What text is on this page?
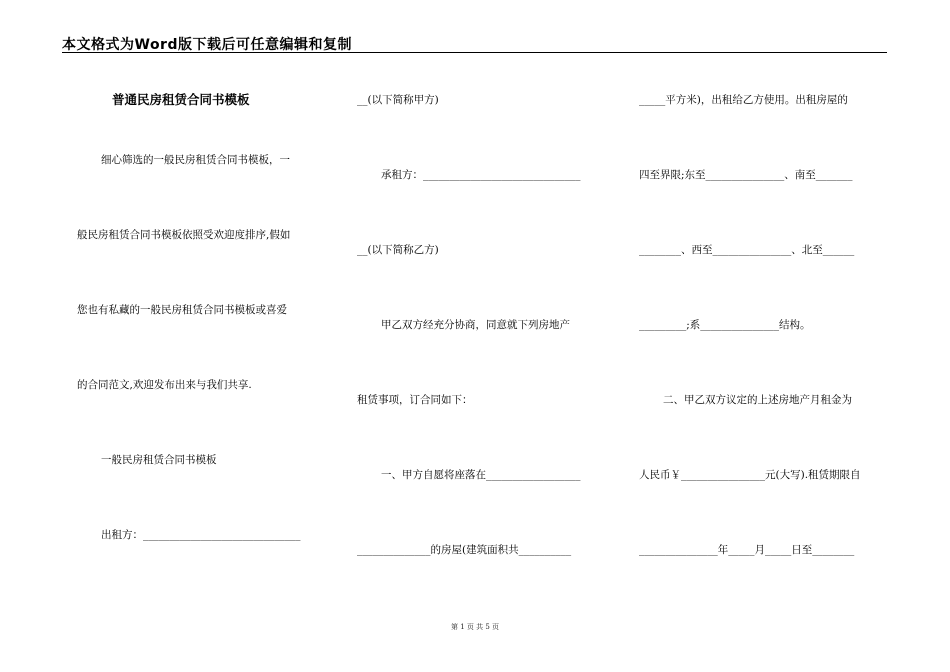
本文格式为Word版下载后可任意编辑和复制
普通民房租赁合同书模板
细心筛选的一般民房租赁合同书模板，一
般民房租赁合同书模板依照受欢迎度排序,假如
您也有私藏的一般民房租赁合同书模板或喜爱
的合同范文,欢迎发布出来与我们共享.
一般民房租赁合同书模板
出租方：______________________________
__(以下简称甲方)
承租方：______________________________
__(以下简称乙方)
甲乙双方经充分协商，同意就下列房地产
租赁事项，订合同如下：
一、甲方自愿将座落在__________________
______________的房屋(建筑面积共__________
_____平方米)，出租给乙方使用。出租房屋的
四至界限;东至_______________、南至_______
________、西至_______________、北至______
_________;系_______________结构。
二、甲乙双方议定的上述房地产月租金为
人民币￥________________元(大写).租赁期限自
_______________年_____月_____日至________
第 1 页 共 5 页
